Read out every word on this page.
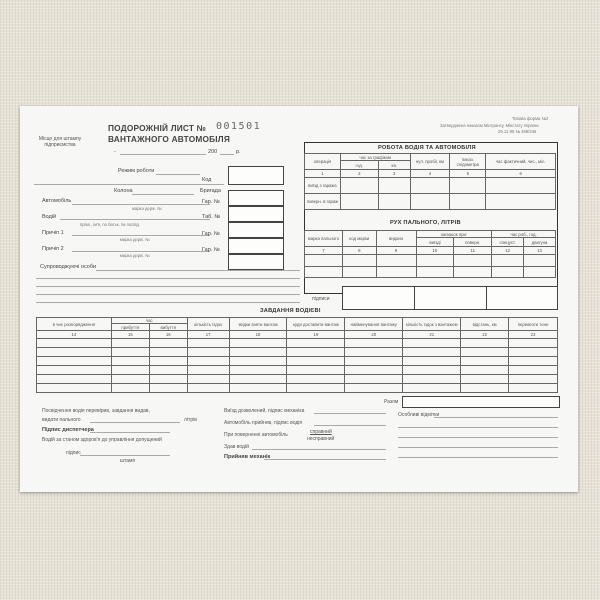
Місце для штампу підприємства
ПОДОРОЖНІЙ ЛИСТ № 001501
ВАНТАЖНОГО АВТОМОБІЛЯ
-	200	р.
Типова форма №2
Затверджена наказом Мінтрансу, Мінстату України
29.12.95 № 488/346
Режим роботи
Код
Колона	Бригада
Автомобіль
марка держ. №
Гар. №
Водій
прізв., ім'я, по батьк. № посвід.
Таб. №
Причіп 1
марка держ. №
Гар. №
Причіп 2
марка держ. №
Гар. №
Супроводжуючі особи
РОБОТА ВОДІЯ ТА АВТОМОБІЛЯ
операція	час за графіком		нул. пробіг, км	показ. спідометра	час фактичний, чис., міс.
	год.	хв.			
1	2	3	4	5	6
виїзд з гаража					
поверн. в гараж					
РУХ ПАЛЬНОГО, ЛІТРІВ
марка пального	код марки	видано	залишок при:		час роб., год.	
			виїзді	поверн.	спецуст.	двигуна
7	8	9	10	11	12	13

підписи
ЗАВДАННЯ ВОДІЄВІ
в чиє розпорядження	час		кількість їздок	звідки взяти вантаж	куди доставити вантаж	найменування вантажу	кількість їздок з вантажем	відстань, км	перевезти тонн
	прибуття	вибуття							
14	15	16	17	18	19	20	21	22	23

Разом
Посвідчення водія перевірив, завдання видав,
видати пального	літрів
Підпис диспетчера
Водій за станом здоров'я до управління допущений
підпис
штамп
Виїзд дозволений, підпис механіка
Автомобіль прийняв, підпис водія
При поверненні автомобіль	справний
несправний
Здав водій
Прийняв механік
Особливі відмітки
